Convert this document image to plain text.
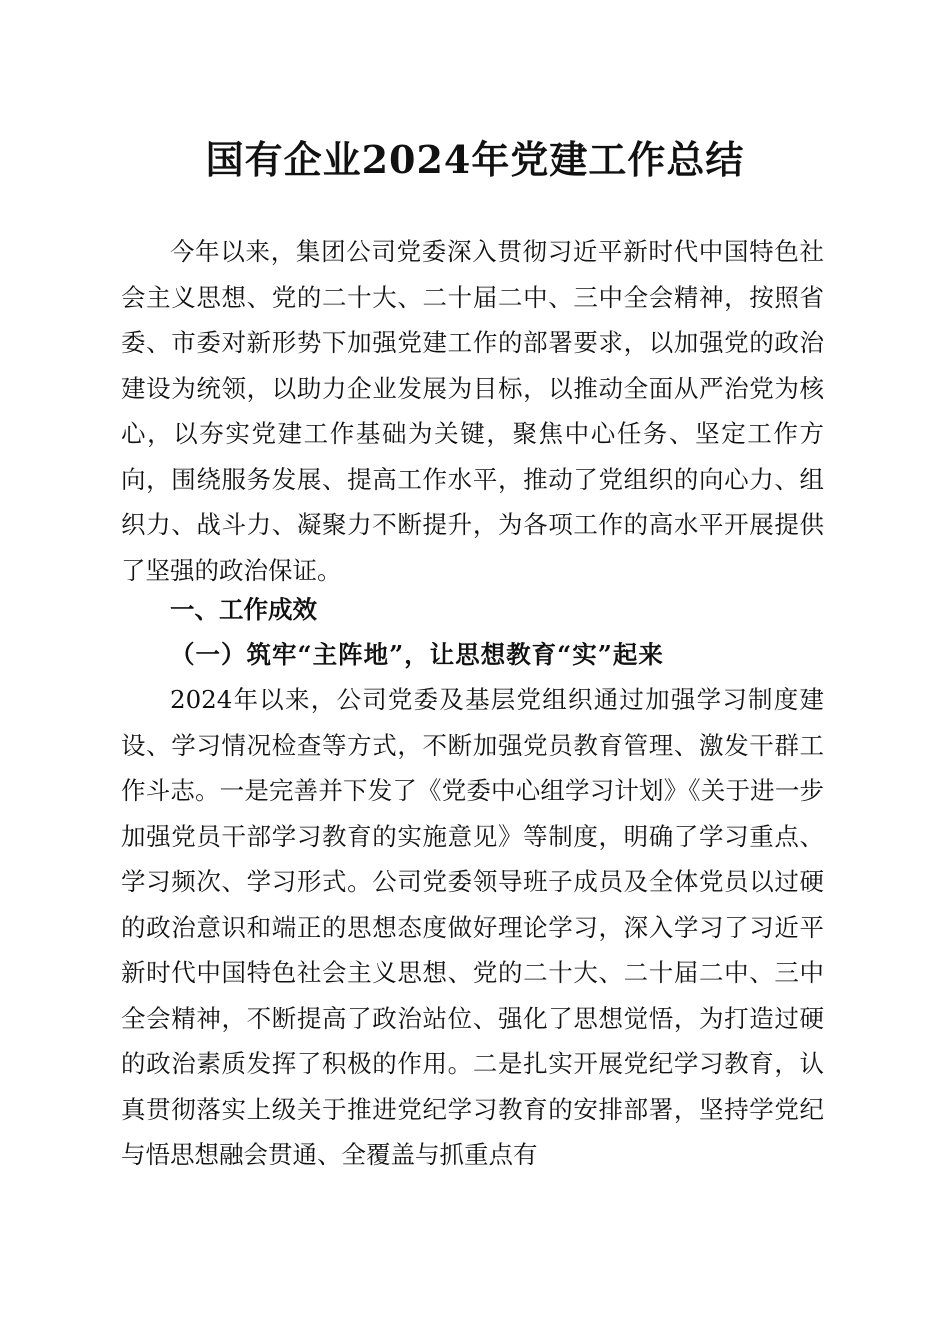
国有企业2024年党建工作总结

今年以来，集团公司党委深入贯彻习近平新时代中国特色社会主义思想、党的二十大、二十届二中、三中全会精神，按照省委、市委对新形势下加强党建工作的部署要求，以加强党的政治建设为统领，以助力企业发展为目标，以推动全面从严治党为核心，以夯实党建工作基础为关键，聚焦中心任务、坚定工作方向，围绕服务发展、提高工作水平，推动了党组织的向心力、组织力、战斗力、凝聚力不断提升，为各项工作的高水平开展提供了坚强的政治保证。

一、工作成效
（一）筑牢“主阵地”，让思想教育“实”起来

2024年以来，公司党委及基层党组织通过加强学习制度建设、学习情况检查等方式，不断加强党员教育管理、激发干群工作斗志。一是完善并下发了《党委中心组学习计划》《关于进一步加强党员干部学习教育的实施意见》等制度，明确了学习重点、学习频次、学习形式。公司党委领导班子成员及全体党员以过硬的政治意识和端正的思想态度做好理论学习，深入学习了习近平新时代中国特色社会主义思想、党的二十大、二十届二中、三中全会精神，不断提高了政治站位、强化了思想觉悟，为打造过硬的政治素质发挥了积极的作用。二是扎实开展党纪学习教育，认真贯彻落实上级关于推进党纪学习教育的安排部署，坚持学党纪与悟思想融会贯通、全覆盖与抓重点有
